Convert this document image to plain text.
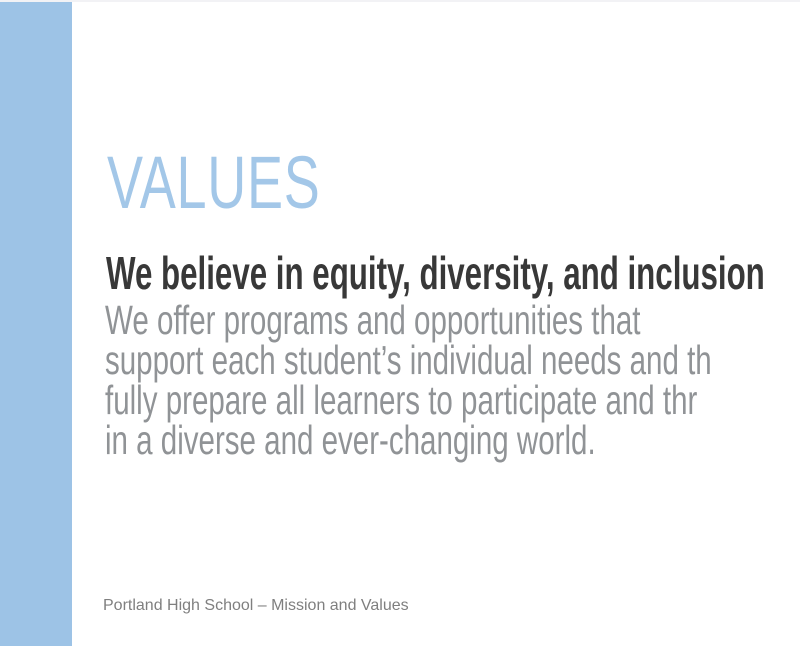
VALUES
We believe in equity, diversity, and inclusion
We offer programs and opportunities that
support each student’s individual needs and th
fully prepare all learners to participate and thr
in a diverse and ever-changing world.
Portland High School – Mission and Values
